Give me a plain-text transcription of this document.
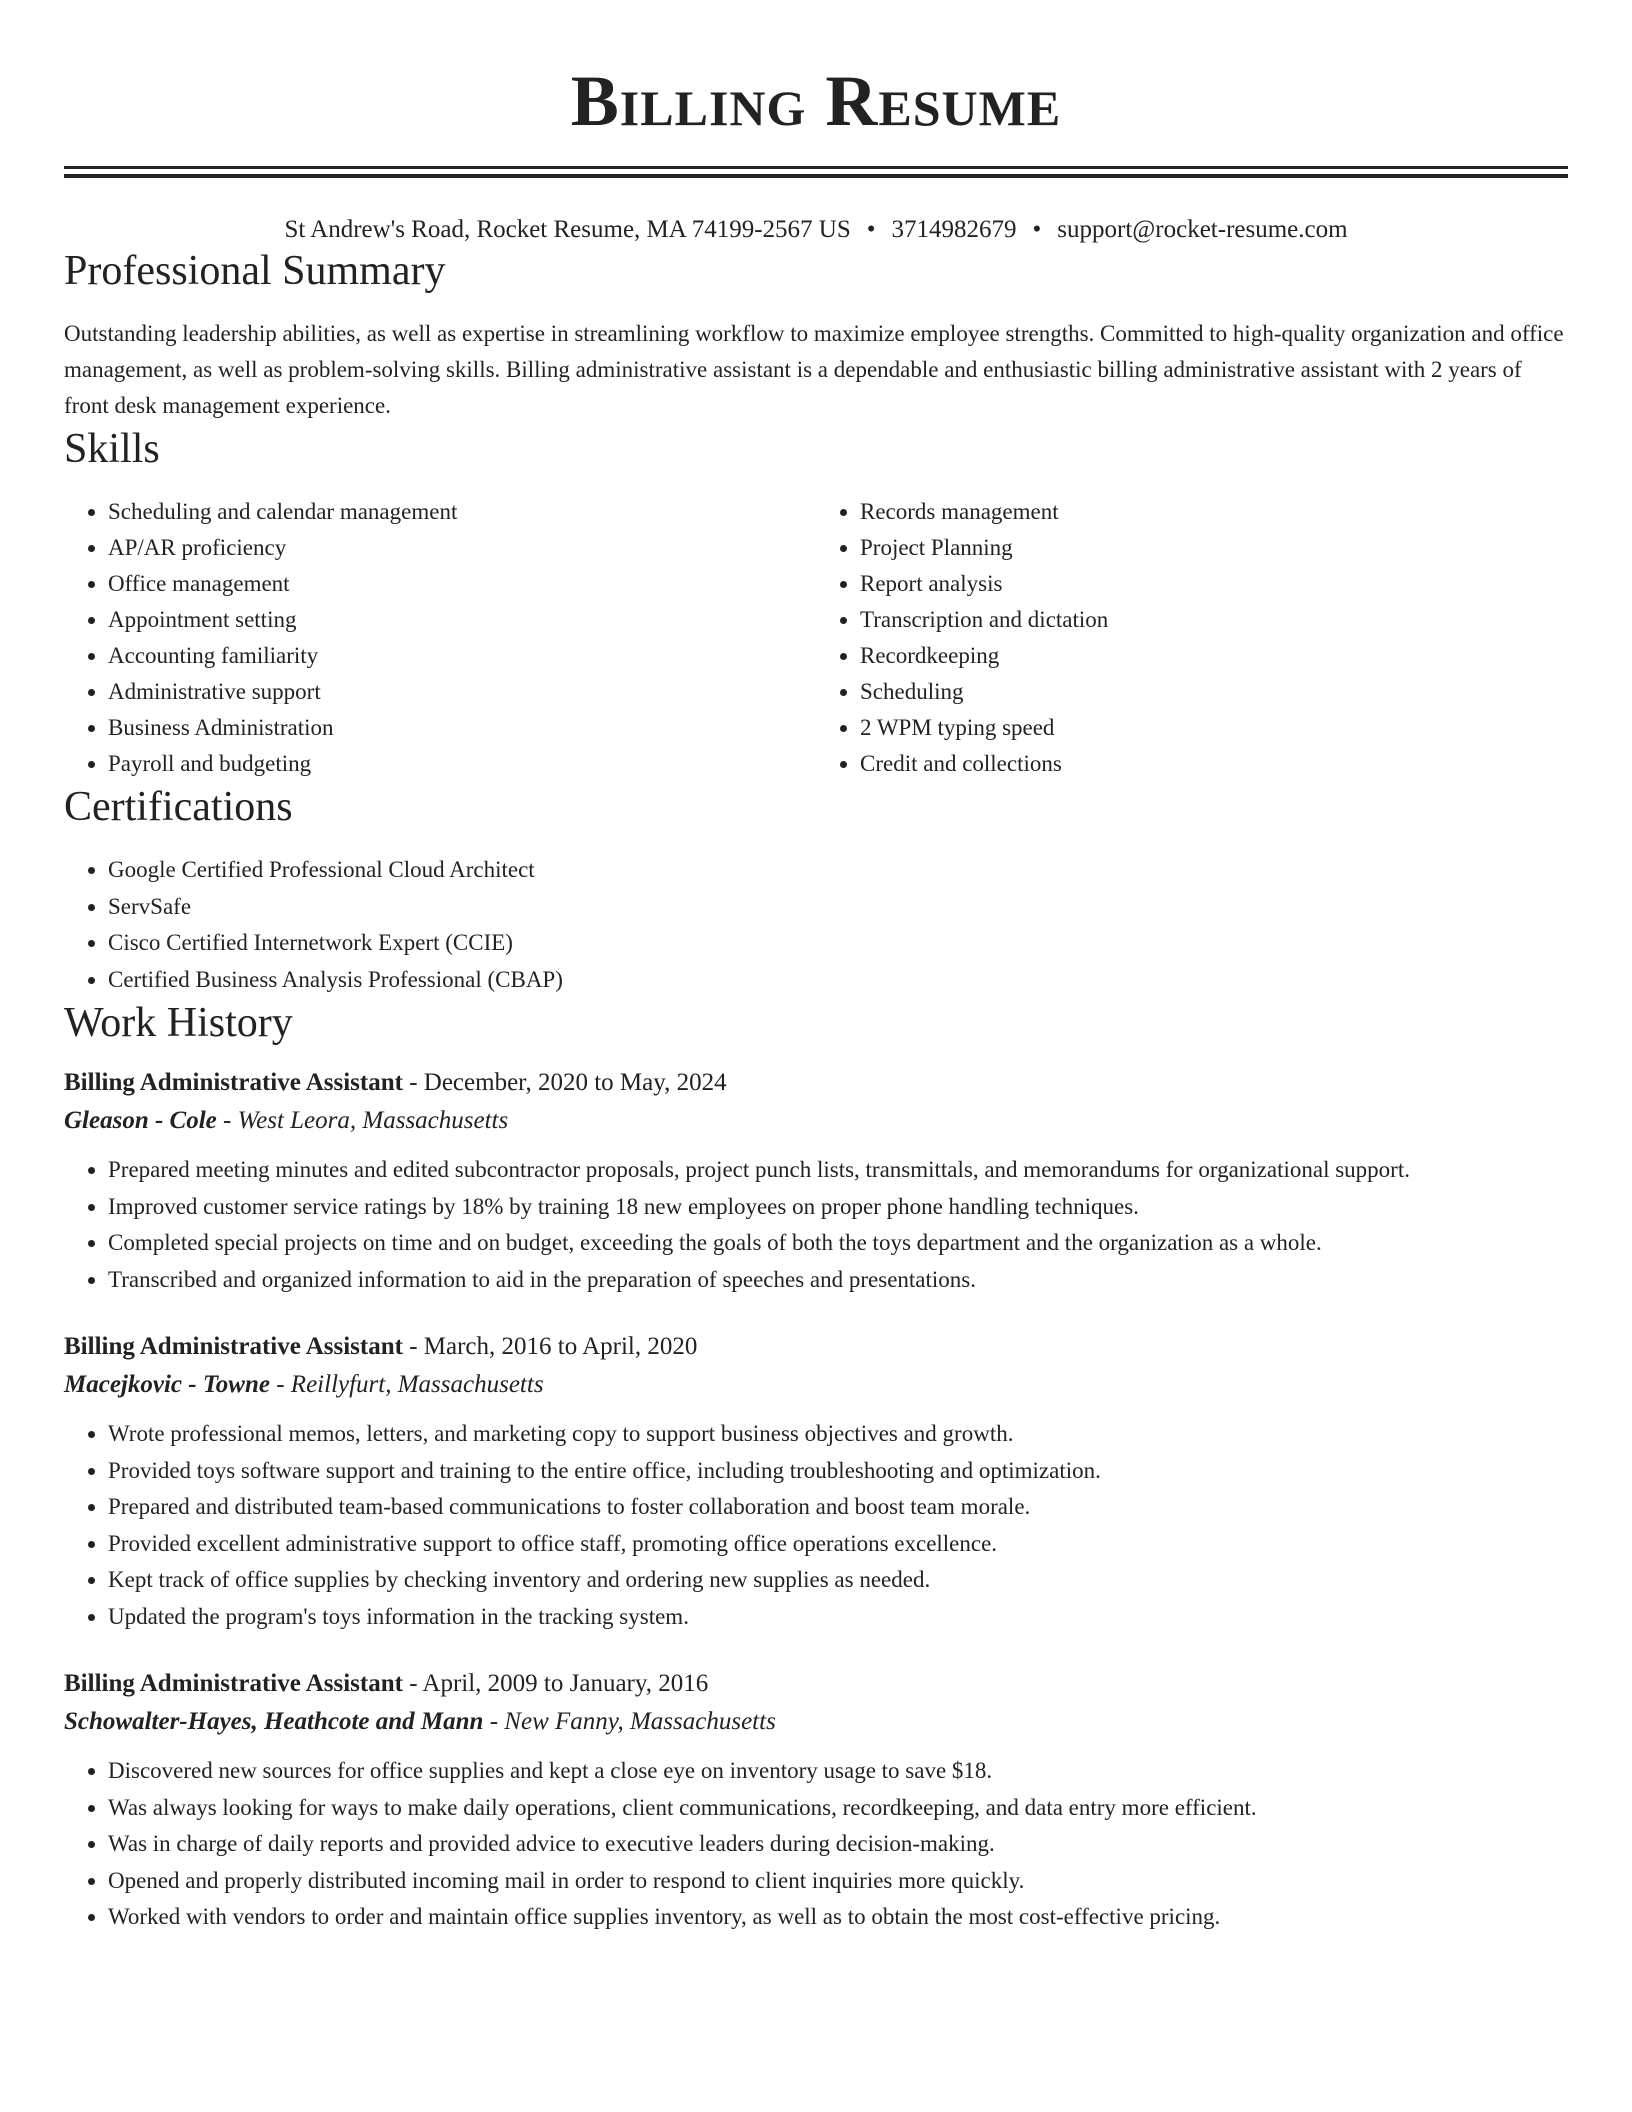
Billing Resume
St Andrew's Road, Rocket Resume, MA 74199-2567 US • 3714982679 • support@rocket-resume.com
Professional Summary

Outstanding leadership abilities, as well as expertise in streamlining workflow to maximize employee strengths. Committed to high-quality organization and office management, as well as problem-solving skills. Billing administrative assistant is a dependable and enthusiastic billing administrative assistant with 2 years of front desk management experience.

Skills
• Scheduling and calendar management
• AP/AR proficiency
• Office management
• Appointment setting
• Accounting familiarity
• Administrative support
• Business Administration
• Payroll and budgeting
• Records management
• Project Planning
• Report analysis
• Transcription and dictation
• Recordkeeping
• Scheduling
• 2 WPM typing speed
• Credit and collections
Certifications
• Google Certified Professional Cloud Architect
• ServSafe
• Cisco Certified Internetwork Expert (CCIE)
• Certified Business Analysis Professional (CBAP)
Work History
Billing Administrative Assistant - December, 2020 to May, 2024
Gleason - Cole - West Leora, Massachusetts
• Prepared meeting minutes and edited subcontractor proposals, project punch lists, transmittals, and memorandums for organizational support.
• Improved customer service ratings by 18% by training 18 new employees on proper phone handling techniques.
• Completed special projects on time and on budget, exceeding the goals of both the toys department and the organization as a whole.
• Transcribed and organized information to aid in the preparation of speeches and presentations.
Billing Administrative Assistant - March, 2016 to April, 2020
Macejkovic - Towne - Reillyfurt, Massachusetts
• Wrote professional memos, letters, and marketing copy to support business objectives and growth.
• Provided toys software support and training to the entire office, including troubleshooting and optimization.
• Prepared and distributed team-based communications to foster collaboration and boost team morale.
• Provided excellent administrative support to office staff, promoting office operations excellence.
• Kept track of office supplies by checking inventory and ordering new supplies as needed.
• Updated the program's toys information in the tracking system.
Billing Administrative Assistant - April, 2009 to January, 2016
Schowalter-Hayes, Heathcote and Mann - New Fanny, Massachusetts
• Discovered new sources for office supplies and kept a close eye on inventory usage to save $18.
• Was always looking for ways to make daily operations, client communications, recordkeeping, and data entry more efficient.
• Was in charge of daily reports and provided advice to executive leaders during decision-making.
• Opened and properly distributed incoming mail in order to respond to client inquiries more quickly.
• Worked with vendors to order and maintain office supplies inventory, as well as to obtain the most cost-effective pricing.
